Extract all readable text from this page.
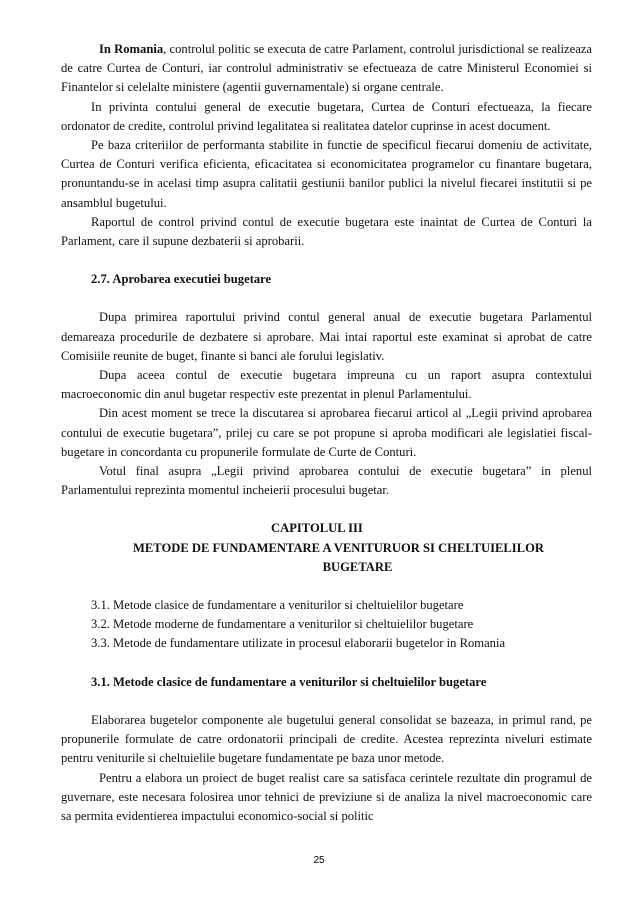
In Romania, controlul politic se executa de catre Parlament, controlul jurisdictional se realizeaza de catre Curtea de Conturi, iar controlul administrativ se efectueaza de catre Ministerul Economiei si Finantelor si celelalte ministere (agentii guvernamentale) si organe centrale.

In privinta contului general de executie bugetara, Curtea de Conturi efectueaza, la fiecare ordonator de credite, controlul privind legalitatea si realitatea datelor cuprinse in acest document.

Pe baza criteriilor de performanta stabilite in functie de specificul fiecarui domeniu de activitate, Curtea de Conturi verifica eficienta, eficacitatea si economicitatea programelor cu finantare bugetara, pronuntandu-se in acelasi timp asupra calitatii gestiunii banilor publici la nivelul fiecarei institutii si pe ansamblul bugetului.

Raportul de control privind contul de executie bugetara este inaintat de Curtea de Conturi la Parlament, care il supune dezbaterii si aprobarii.

2.7. Aprobarea executiei bugetare

Dupa primirea raportului privind contul general anual de executie bugetara Parlamentul demareaza procedurile de dezbatere si aprobare. Mai intai raportul este examinat si aprobat de catre Comisiile reunite de buget, finante si banci ale forului legislativ.

Dupa aceea contul de executie bugetara impreuna cu un raport asupra contextului macroeconomic din anul bugetar respectiv este prezentat in plenul Parlamentului.

Din acest moment se trece la discutarea si aprobarea fiecarui articol al „Legii privind aprobarea contului de executie bugetara”, prilej cu care se pot propune si aproba modificari ale legislatiei fiscal-bugetare in concordanta cu propunerile formulate de Curte de Conturi.

Votul final asupra „Legii privind aprobarea contului de executie bugetara” in plenul Parlamentului reprezinta momentul incheierii procesului bugetar.

CAPITOLUL III
METODE DE FUNDAMENTARE A VENITURUOR SI CHELTUIELILOR
BUGETARE
3.1. Metode clasice de fundamentare a veniturilor si cheltuielilor bugetare
3.2. Metode moderne de fundamentare a veniturilor si cheltuielilor bugetare
3.3. Metode de fundamentare utilizate in procesul elaborarii bugetelor in Romania
3.1. Metode clasice de fundamentare a veniturilor si cheltuielilor bugetare

Elaborarea bugetelor componente ale bugetului general consolidat se bazeaza, in primul rand, pe propunerile formulate de catre ordonatorii principali de credite. Acestea reprezinta niveluri estimate pentru veniturile si cheltuielile bugetare fundamentate pe baza unor metode.

Pentru a elabora un proiect de buget realist care sa satisfaca cerintele rezultate din programul de guvernare, este necesara folosirea unor tehnici de previziune si de analiza la nivel macroeconomic care sa permita evidentierea impactului economico-social si politic

25
